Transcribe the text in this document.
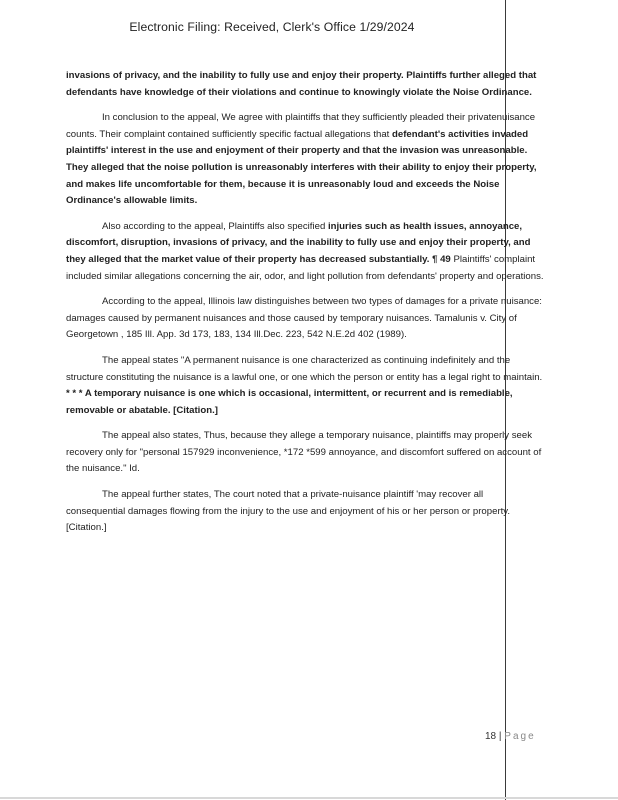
Electronic Filing: Received, Clerk's Office 1/29/2024

invasions of privacy, and the inability to fully use and enjoy their property. Plaintiffs further alleged that defendants have knowledge of their violations and continue to knowingly violate the Noise Ordinance.

In conclusion to the appeal, We agree with plaintiffs that they sufficiently pleaded their privatenuisance counts. Their complaint contained sufficiently specific factual allegations that defendant's activities invaded plaintiffs' interest in the use and enjoyment of their property and that the invasion was unreasonable. They alleged that the noise pollution is unreasonably interferes with their ability to enjoy their property, and makes life uncomfortable for them, because it is unreasonably loud and exceeds the Noise Ordinance's allowable limits.

Also according to the appeal, Plaintiffs also specified injuries such as health issues, annoyance, discomfort, disruption, invasions of privacy, and the inability to fully use and enjoy their property, and they alleged that the market value of their property has decreased substantially. ¶ 49 Plaintiffs' complaint included similar allegations concerning the air, odor, and light pollution from defendants' property and operations.

According to the appeal, Illinois law distinguishes between two types of damages for a private nuisance: damages caused by permanent nuisances and those caused by temporary nuisances. Tamalunis v. City of Georgetown , 185 Ill. App. 3d 173, 183, 134 Ill.Dec. 223, 542 N.E.2d 402 (1989).

The appeal states "A permanent nuisance is one characterized as continuing indefinitely and the structure constituting the nuisance is a lawful one, or one which the person or entity has a legal right to maintain. * * * A temporary nuisance is one which is occasional, intermittent, or recurrent and is remediable, removable or abatable. [Citation.]

The appeal also states, Thus, because they allege a temporary nuisance, plaintiffs may properly seek recovery only for "personal 157929 inconvenience, *172 *599 annoyance, and discomfort suffered on account of the nuisance." Id.

The appeal further states, The court noted that a private-nuisance plaintiff 'may recover all consequential damages flowing from the injury to the use and enjoyment of his or her person or property. [Citation.]

18 | Page
